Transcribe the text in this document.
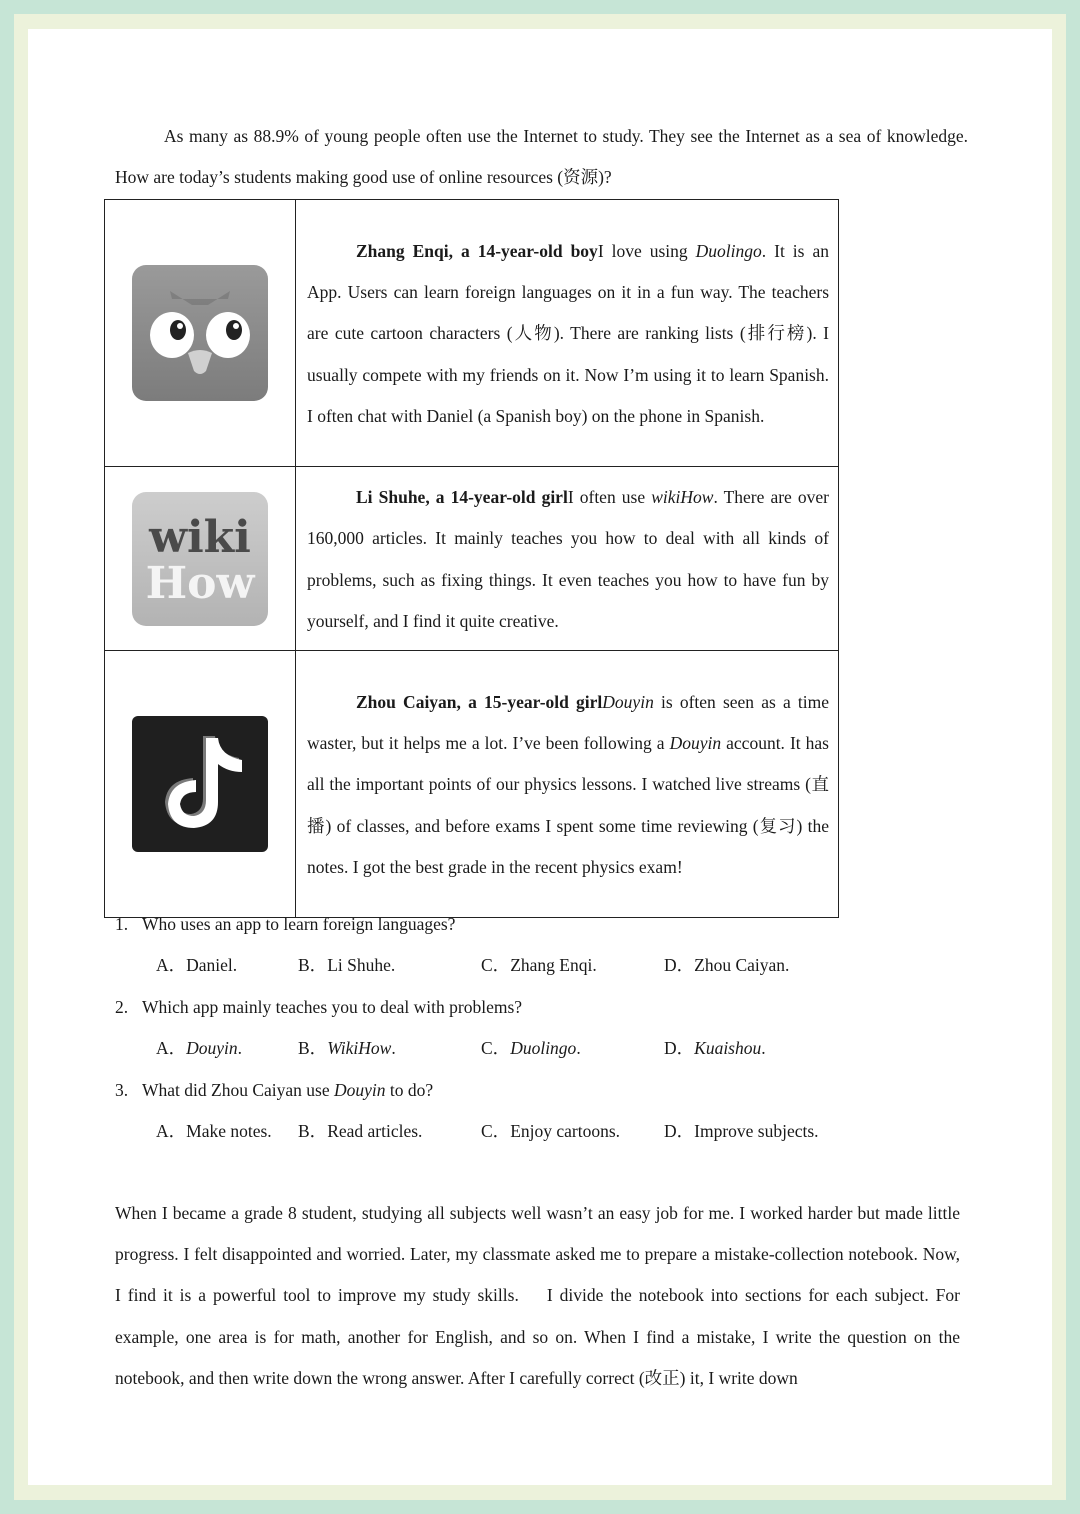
As many as 88.9% of young people often use the Internet to study. They see the Internet as a sea of knowledge. How are today’s students making good use of online resources (资源)?

	Zhang Enqi, a 14-year-old boyI love using Duolingo. It is an App. Users can learn foreign languages on it in a fun way. The teachers are cute cartoon characters (人物). There are ranking lists (排行榜). I usually compete with my friends on it. Now I’m using it to learn Spanish. I often chat with Daniel (a Spanish boy) on the phone in Spanish.

wiki
How	Li Shuhe, a 14-year-old girlI often use wikiHow. There are over 160,000 articles. It mainly teaches you how to deal with all kinds of problems, such as fixing things. It even teaches you how to have fun by yourself, and I find it quite creative.
	Zhou Caiyan, a 15-year-old girlDouyin is often seen as a time waster, but it helps me a lot. I’ve been following a Douyin account. It has all the important points of our physics lessons. I watched live streams (直播) of classes, and before exams I spent some time reviewing (复习) the notes. I got the best grade in the recent physics exam!
1. Who uses an app to learn foreign languages?
A．Daniel.	B．Li Shuhe.	C．Zhang Enqi.	D．Zhou Caiyan.
2. Which app mainly teaches you to deal with problems?
A．Douyin.	B．WikiHow.	C．Duolingo.	D．Kuaishou.
3. What did Zhou Caiyan use Douyin to do?
A．Make notes. B．Read articles.	C．Enjoy cartoons.	D．Improve subjects.

When I became a grade 8 student, studying all subjects well wasn’t an easy job for me. I worked harder but made little progress. I felt disappointed and worried. Later, my classmate asked me to prepare a mistake-collection notebook. Now, I find it is a powerful tool to improve my study skills. I divide the notebook into sections for each subject. For example, one area is for math, another for English, and so on. When I find a mistake, I write the question on the notebook, and then write down the wrong answer. After I carefully correct (改正) it, I write down
